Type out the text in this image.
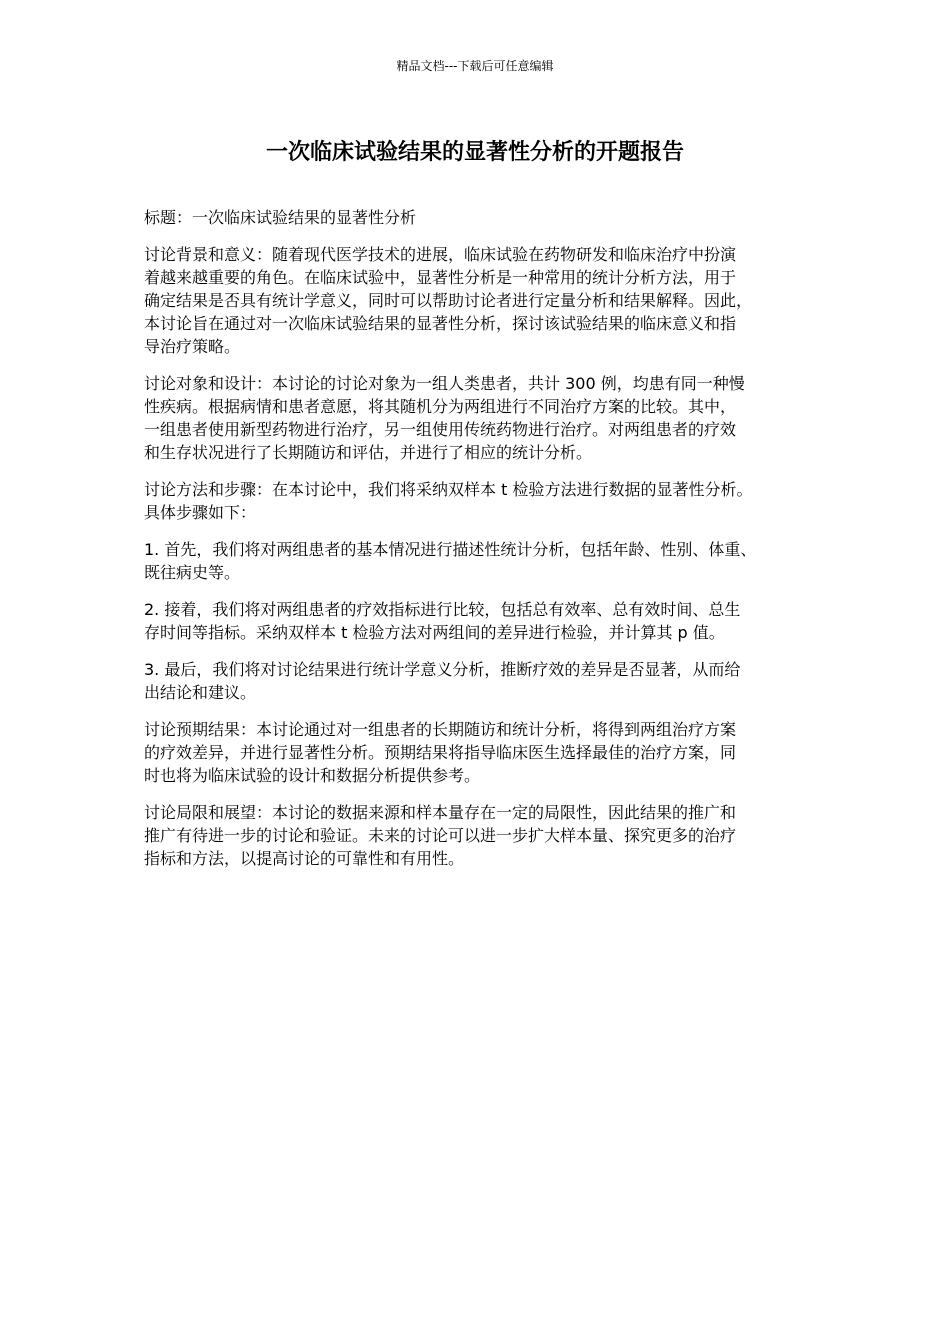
精品文档---下载后可任意编辑
一次临床试验结果的显著性分析的开题报告

标题：一次临床试验结果的显著性分析

讨论背景和意义：随着现代医学技术的进展，临床试验在药物研发和临床治疗中扮演
着越来越重要的角色。在临床试验中，显著性分析是一种常用的统计分析方法，用于
确定结果是否具有统计学意义，同时可以帮助讨论者进行定量分析和结果解释。因此，
本讨论旨在通过对一次临床试验结果的显著性分析，探讨该试验结果的临床意义和指
导治疗策略。

讨论对象和设计：本讨论的讨论对象为一组人类患者，共计 300 例，均患有同一种慢
性疾病。根据病情和患者意愿，将其随机分为两组进行不同治疗方案的比较。其中，
一组患者使用新型药物进行治疗，另一组使用传统药物进行治疗。对两组患者的疗效
和生存状况进行了长期随访和评估，并进行了相应的统计分析。

讨论方法和步骤：在本讨论中，我们将采纳双样本 t 检验方法进行数据的显著性分析。
具体步骤如下：

1. 首先，我们将对两组患者的基本情况进行描述性统计分析，包括年龄、性别、体重、
既往病史等。

2. 接着，我们将对两组患者的疗效指标进行比较，包括总有效率、总有效时间、总生
存时间等指标。采纳双样本 t 检验方法对两组间的差异进行检验，并计算其 p 值。

3. 最后，我们将对讨论结果进行统计学意义分析，推断疗效的差异是否显著，从而给
出结论和建议。

讨论预期结果：本讨论通过对一组患者的长期随访和统计分析，将得到两组治疗方案
的疗效差异，并进行显著性分析。预期结果将指导临床医生选择最佳的治疗方案，同
时也将为临床试验的设计和数据分析提供参考。

讨论局限和展望：本讨论的数据来源和样本量存在一定的局限性，因此结果的推广和
推广有待进一步的讨论和验证。未来的讨论可以进一步扩大样本量、探究更多的治疗
指标和方法，以提高讨论的可靠性和有用性。
